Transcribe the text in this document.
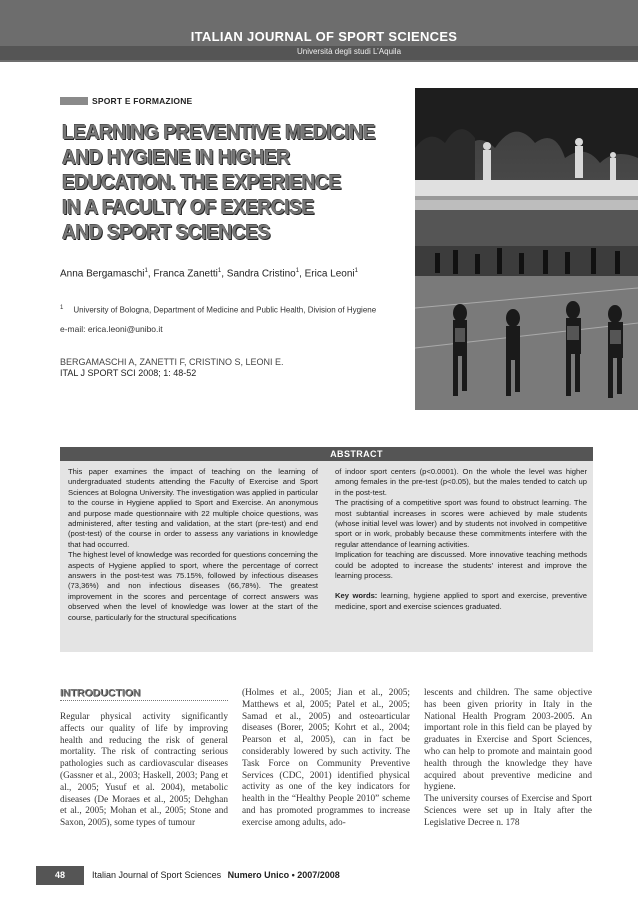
ITALIAN JOURNAL OF SPORT SCIENCES
Università degli studi L’Aquila
SPORT E FORMAZIONE
LEARNING PREVENTIVE MEDICINE
AND HYGIENE IN HIGHER
EDUCATION. THE EXPERIENCE
IN A FACULTY OF EXERCISE
AND SPORT SCIENCES
Anna Bergamaschi$^1$, Franca Zanetti$^1$, Sandra Cristino$^1$, Erica Leoni$^1$
$^1$ University of Bologna, Department of Medicine and Public Health, Division of Hygiene
e-mail: erica.leoni@unibo.it
BERGAMASCHI A, ZANETTI F, CRISTINO S, LEONI E.
ITAL J SPORT SCI 2008; 1: 48-52
ABSTRACT

This paper examines the impact of teaching on the learning of undergraduated students attending the Faculty of Exercise and Sport Sciences at Bologna University. The investigation was applied in particular to the course in Hygiene applied to Sport and Exercise. An anonymous and purpose made questionnaire with 22 multiple choice questions, was administered, after testing and validation, at the start (pre-test) and end (post-test) of the course in order to assess any variations in knowledge that had occurred.

The highest level of knowledge was recorded for questions concerning the aspects of Hygiene applied to sport, where the percentage of correct answers in the post-test was 75.15%, followed by infectious diseases (73,36%) and non infectious diseases (66,78%). The greatest improvement in the scores and percentage of correct answers was observed when the level of knowledge was lower at the start of the course, particularly for the structural specifications

of indoor sport centers (p<0.0001). On the whole the level was higher among females in the pre-test (p<0.05), but the males tended to catch up in the post-test.

The practising of a competitive sport was found to obstruct learning. The most subtantial increases in scores were achieved by male students (whose initial level was lower) and by students not involved in competitive sport or in work, probably because these commitments interfere with the regular attendance of learning activities.

Implication for teaching are discussed. More innovative teaching methods could be adopted to increase the students’ interest and improve the learning process.

Key words: learning, hygiene applied to sport and exercise, preventive medicine, sport and exercise sciences graduated.

INTRODUCTION

Regular physical activity significantly affects our quality of life by improving health and reducing the risk of general mortality. The risk of contracting serious pathologies such as cardiovascular diseases (Gassner et al., 2003; Haskell, 2003; Pang et al., 2005; Yusuf et al. 2004), metabolic diseases (De Moraes et al., 2005; Dehghan et al., 2005; Mohan et al., 2005; Stone and Saxon, 2005), some types of tumour

(Holmes et al., 2005; Jian et al., 2005; Matthews et al, 2005; Patel et al., 2005; Samad et al., 2005) and osteoarticular diseases (Borer, 2005; Kohrt et al., 2004; Pearson et al, 2005), can in fact be considerably lowered by such activity. The Task Force on Community Preventive Services (CDC, 2001) identified physical activity as one of the key indicators for health in the “Healthy People 2010” scheme and has promoted programmes to increase exercise among adults, ado-

lescents and children. The same objective has been given priority in Italy in the National Health Program 2003-2005. An important role in this field can be played by graduates in Exercise and Sport Sciences, who can help to promote and maintain good health through the knowledge they have acquired about preventive medicine and hygiene.

The university courses of Exercise and Sport Sciences were set up in Italy after the Legislative Decree n. 178

48	Italian Journal of Sport Sciences Numero Unico • 2007/2008
